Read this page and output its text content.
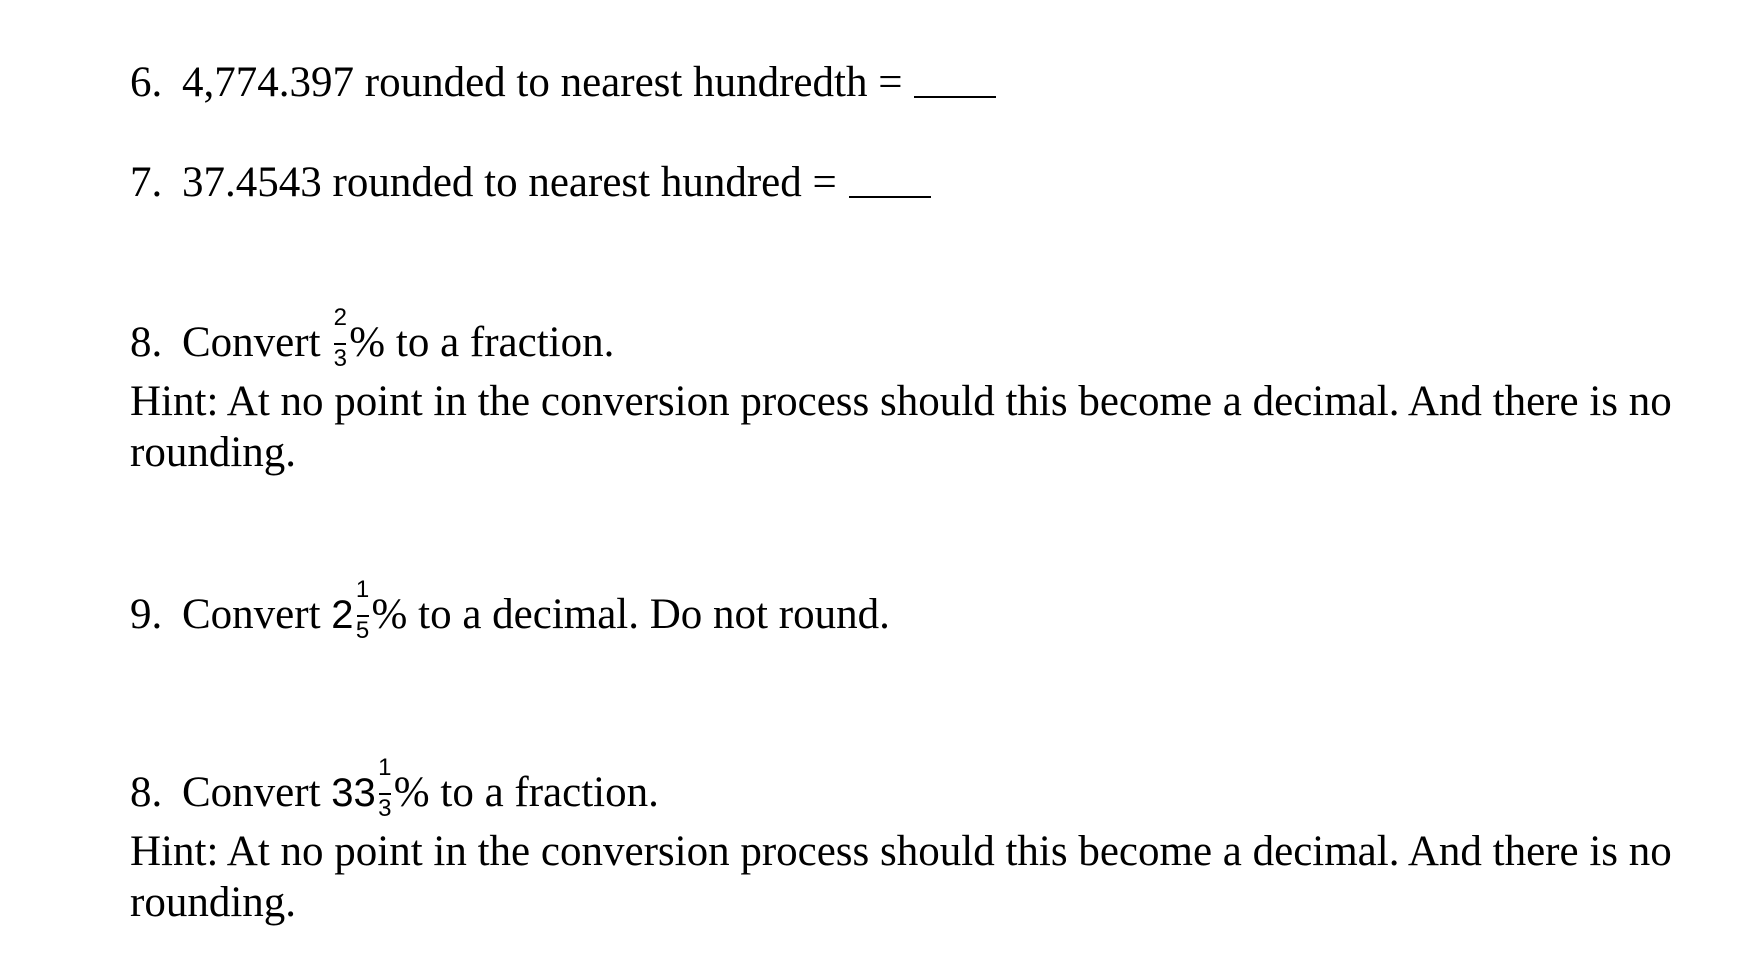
6. 4,774.397 rounded to nearest hundredth =
7. 37.4543 rounded to nearest hundred =
8. Convert $\frac{2}{3}$ % to a fraction.
Hint: At no point in the conversion process should this become a decimal. And there is no rounding.
9. Convert $2 \frac{1}{5}$ % to a decimal. Do not round.
8. Convert $33 \frac{1}{3}$ % to a fraction.
Hint: At no point in the conversion process should this become a decimal. And there is no rounding.
